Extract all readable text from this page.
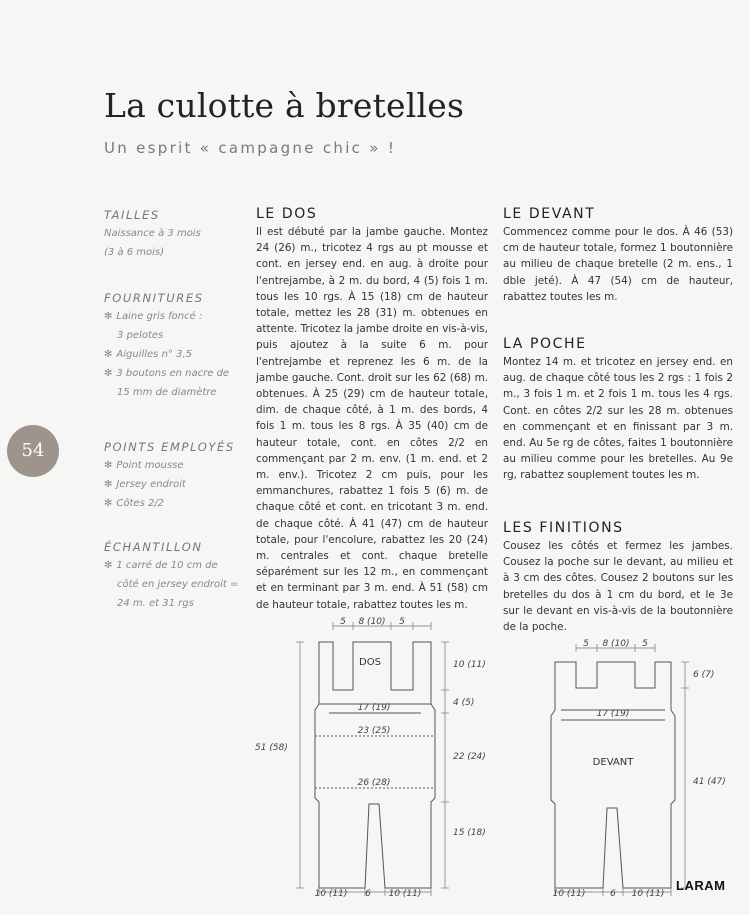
La culotte à bretelles
Un esprit « campagne chic » !
TAILLES
Naissance à 3 mois
(3 à 6 mois)
FOURNITURES
✻ Laine gris foncé :
3 pelotes
✻ Aiguilles n° 3,5
✻ 3 boutons en nacre de
15 mm de diamètre
POINTS EMPLOYÉS
✻ Point mousse
✻ Jersey endroit
✻ Côtes 2/2
ÉCHANTILLON
✻ 1 carré de 10 cm de
côté en jersey endroit =
24 m. et 31 rgs
54
LE DOS

Il est débuté par la jambe gauche. Montez 24 (26) m., tricotez 4 rgs au pt mousse et cont. en jersey end. en aug. à droite pour l'entrejambe, à 2 m. du bord, 4 (5) fois 1 m. tous les 10 rgs. À 15 (18) cm de hauteur totale, mettez les 28 (31) m. obtenues en attente. Tricotez la jambe droite en vis-à-vis, puis ajoutez à la suite 6 m. pour l'entrejambe et reprenez les 6 m. de la jambe gauche. Cont. droit sur les 62 (68) m. obtenues. À 25 (29) cm de hauteur totale, dim. de chaque côté, à 1 m. des bords, 4 fois 1 m. tous les 8 rgs. À 35 (40) cm de hauteur totale, cont. en côtes 2/2 en commençant par 2 m. env. (1 m. end. et 2 m. env.). Tricotez 2 cm puis, pour les emmanchures, rabattez 1 fois 5 (6) m. de chaque côté et cont. en tricotant 3 m. end. de chaque côté. À 41 (47) cm de hauteur totale, pour l'encolure, rabattez les 20 (24) m. centrales et cont. chaque bretelle séparément sur les 12 m., en commençant et en terminant par 3 m. end. À 51 (58) cm de hauteur totale, rabattez toutes les m.

LE DEVANT

Commencez comme pour le dos. À 46 (53) cm de hauteur totale, formez 1 boutonnière au milieu de chaque bretelle (2 m. ens., 1 dble jeté). À 47 (54) cm de hauteur, rabattez toutes les m.

LA POCHE

Montez 14 m. et tricotez en jersey end. en aug. de chaque côté tous les 2 rgs : 1 fois 2 m., 3 fois 1 m. et 2 fois 1 m. tous les 4 rgs. Cont. en côtes 2/2 sur les 28 m. obtenues en commençant et en finissant par 3 m. end. Au 5e rg de côtes, faites 1 boutonnière au milieu comme pour les bretelles. Au 9e rg, rabattez souplement toutes les m.

LES FINITIONS

Cousez les côtés et fermez les jambes. Cousez la poche sur le devant, au milieu et à 3 cm des côtes. Cousez 2 boutons sur les bretelles du dos à 1 cm du bord, et le 3e sur le devant en vis-à-vis de la boutonnière de la poche.

5 8 (10) 5
10 (11)
4 (5)
22 (24)
15 (18)
51 (58)
17 (19)
23 (25)
26 (28)
10 (11) 6 10 (11)
DOS
5 8 (10) 5
6 (7)
41 (47)
17 (19)
10 (11)	6 10 (11)
DEVANT
LARAM
